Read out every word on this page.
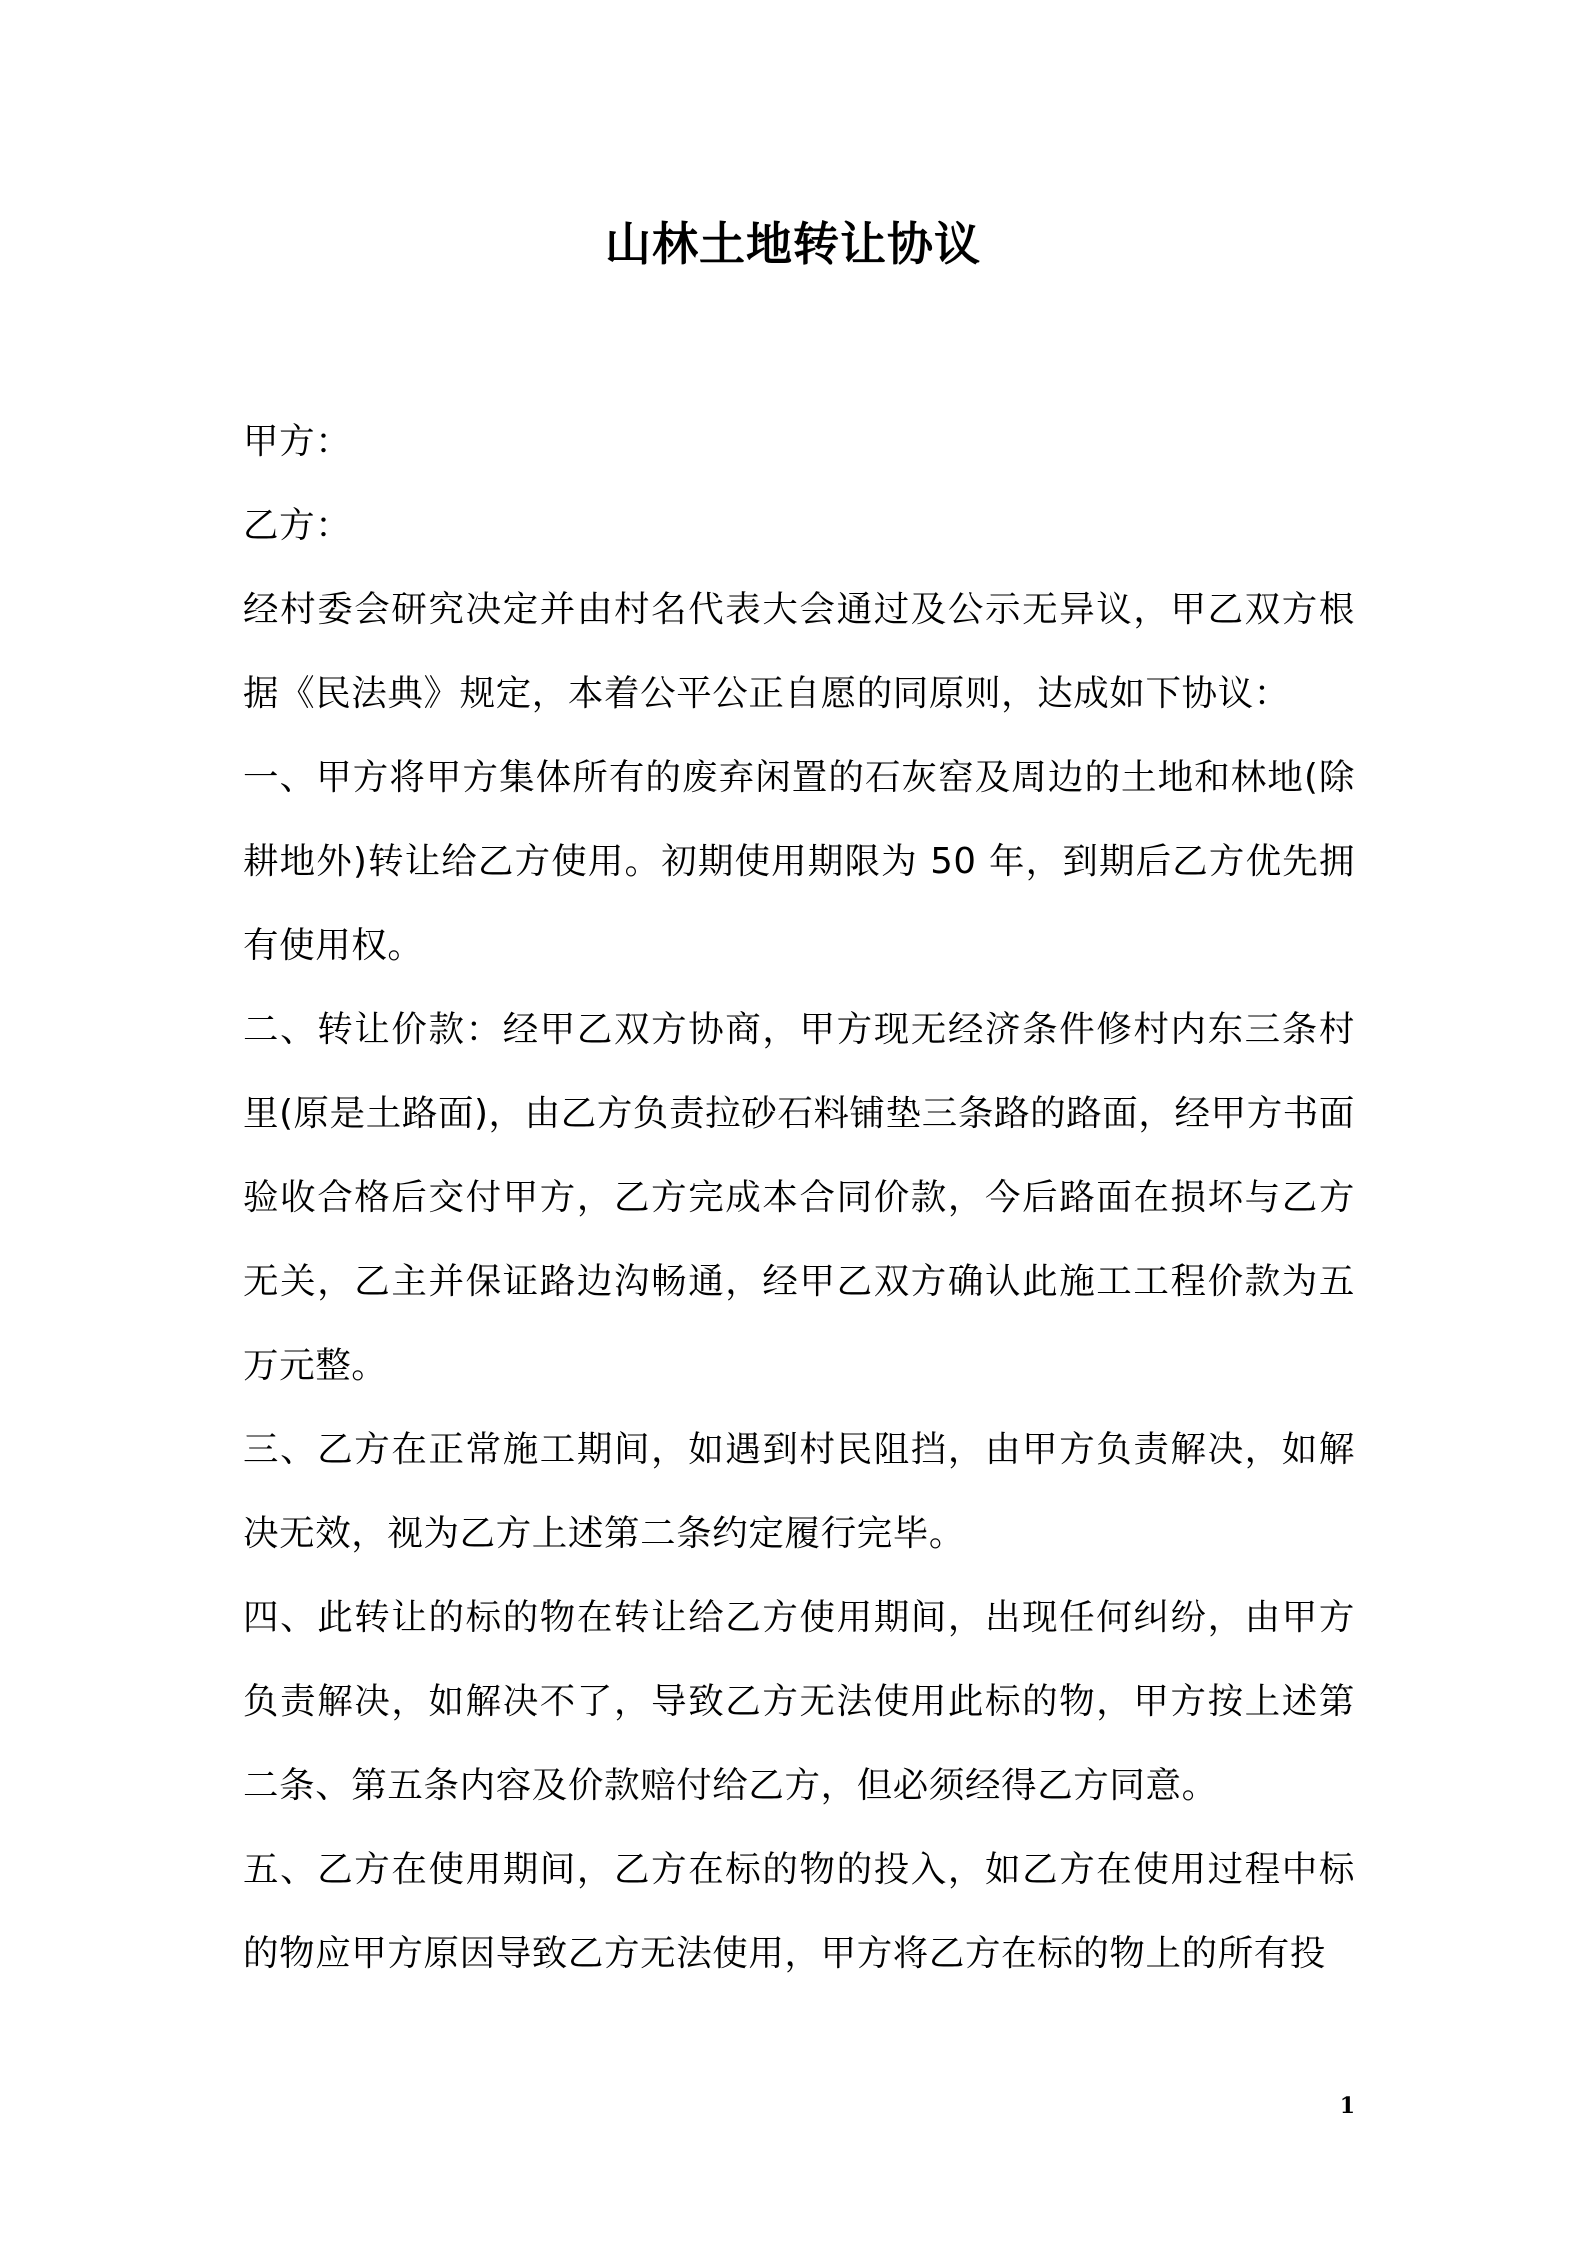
山林土地转让协议

甲方：

乙方：

经村委会研究决定并由村名代表大会通过及公示无异议，甲乙双方根据《民法典》规定，本着公平公正自愿的同原则，达成如下协议：

一、甲方将甲方集体所有的废弃闲置的石灰窑及周边的土地和林地(除耕地外)转让给乙方使用。初期使用期限为 50 年，到期后乙方优先拥有使用权。

二、转让价款：经甲乙双方协商，甲方现无经济条件修村内东三条村里(原是土路面)，由乙方负责拉砂石料铺垫三条路的路面，经甲方书面验收合格后交付甲方，乙方完成本合同价款，今后路面在损坏与乙方无关，乙主并保证路边沟畅通，经甲乙双方确认此施工工程价款为五万元整。

三、乙方在正常施工期间，如遇到村民阻挡，由甲方负责解决，如解决无效，视为乙方上述第二条约定履行完毕。

四、此转让的标的物在转让给乙方使用期间，出现任何纠纷，由甲方负责解决，如解决不了，导致乙方无法使用此标的物，甲方按上述第二条、第五条内容及价款赔付给乙方，但必须经得乙方同意。

五、乙方在使用期间，乙方在标的物的投入，如乙方在使用过程中标的物应甲方原因导致乙方无法使用，甲方将乙方在标的物上的所有投

1
